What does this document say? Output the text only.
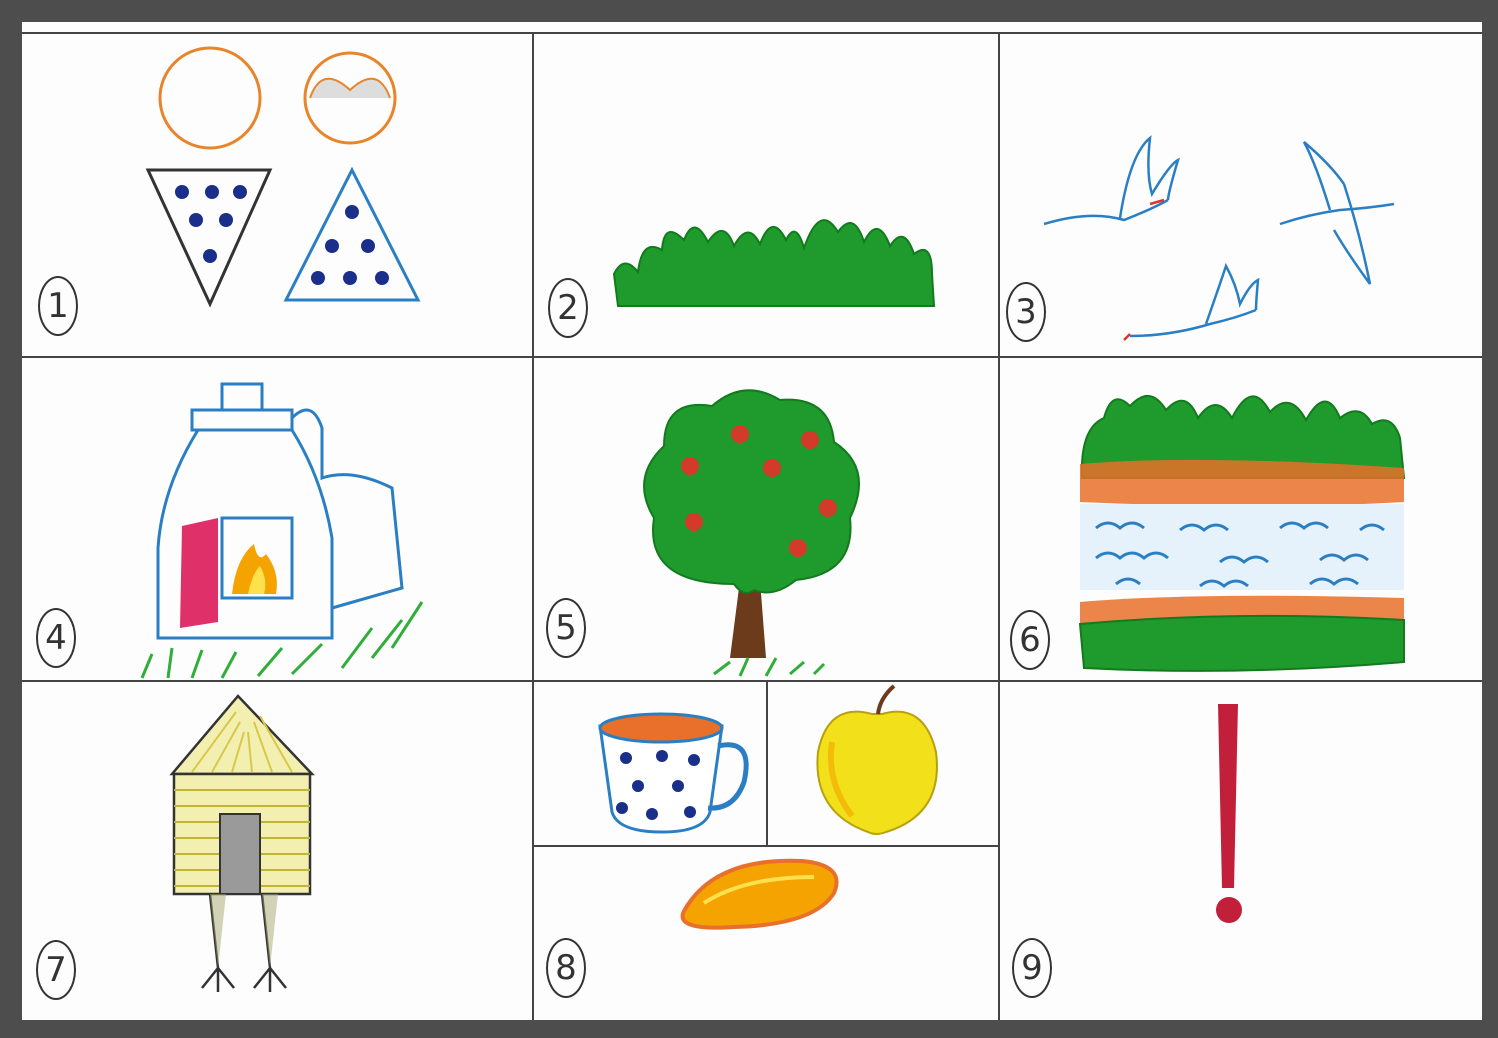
1	2	3
4	5	6
7	8	9
